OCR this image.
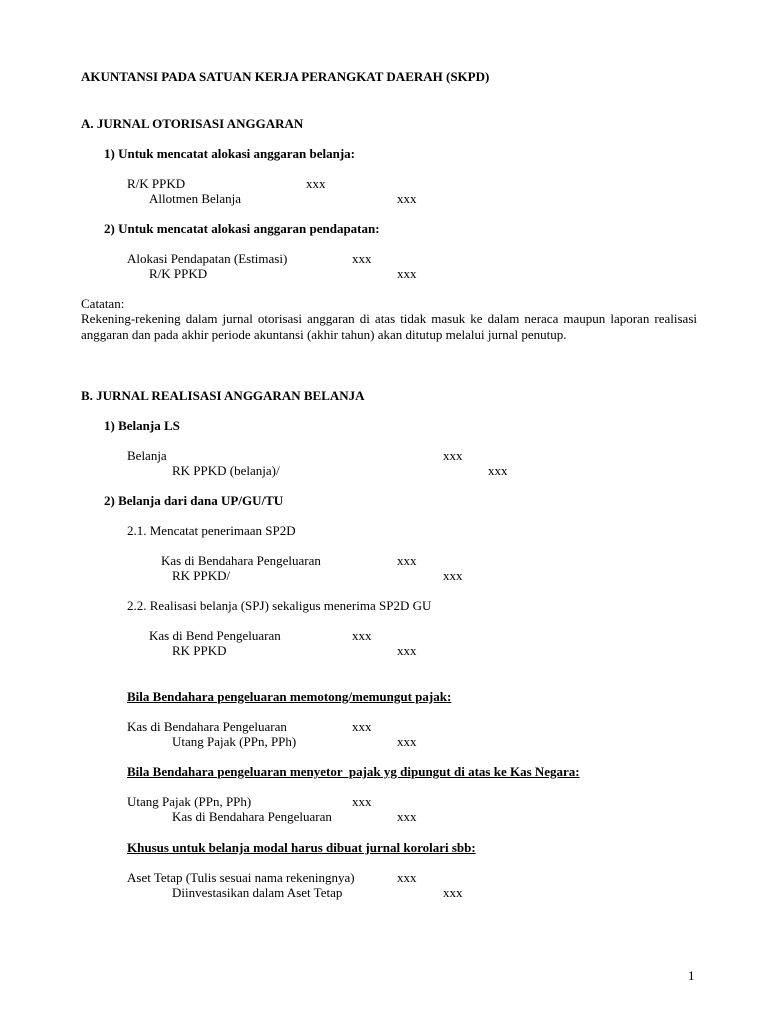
AKUNTANSI PADA SATUAN KERJA PERANGKAT DAERAH (SKPD)
A. JURNAL OTORISASI ANGGARAN
1) Untuk mencatat alokasi anggaran belanja:
R/K PPKD	xxx
Allotmen Belanja	xxx
2) Untuk mencatat alokasi anggaran pendapatan:
Alokasi Pendapatan (Estimasi)	xxx
R/K PPKD	xxx
Catatan:
Rekening-rekening dalam jurnal otorisasi anggaran di atas tidak masuk ke dalam neraca maupun laporan realisasi anggaran dan pada akhir periode akuntansi (akhir tahun) akan ditutup melalui jurnal penutup.
B. JURNAL REALISASI ANGGARAN BELANJA
1) Belanja LS
Belanja	xxx
RK PPKD (belanja)/	xxx
2) Belanja dari dana UP/GU/TU
2.1. Mencatat penerimaan SP2D
Kas di Bendahara Pengeluaran	xxx
RK PPKD/	xxx
2.2. Realisasi belanja (SPJ) sekaligus menerima SP2D GU
Kas di Bend Pengeluaran	xxx
RK PPKD	xxx
Bila Bendahara pengeluaran memotong/memungut pajak:
Kas di Bendahara Pengeluaran	xxx
Utang Pajak (PPn, PPh)	xxx
Bila Bendahara pengeluaran menyetor  pajak yg dipungut di atas ke Kas Negara:
Utang Pajak (PPn, PPh)	xxx
Kas di Bendahara Pengeluaran	xxx
Khusus untuk belanja modal harus dibuat jurnal korolari sbb:
Aset Tetap (Tulis sesuai nama rekeningnya)	xxx
Diinvestasikan dalam Aset Tetap	xxx
1
